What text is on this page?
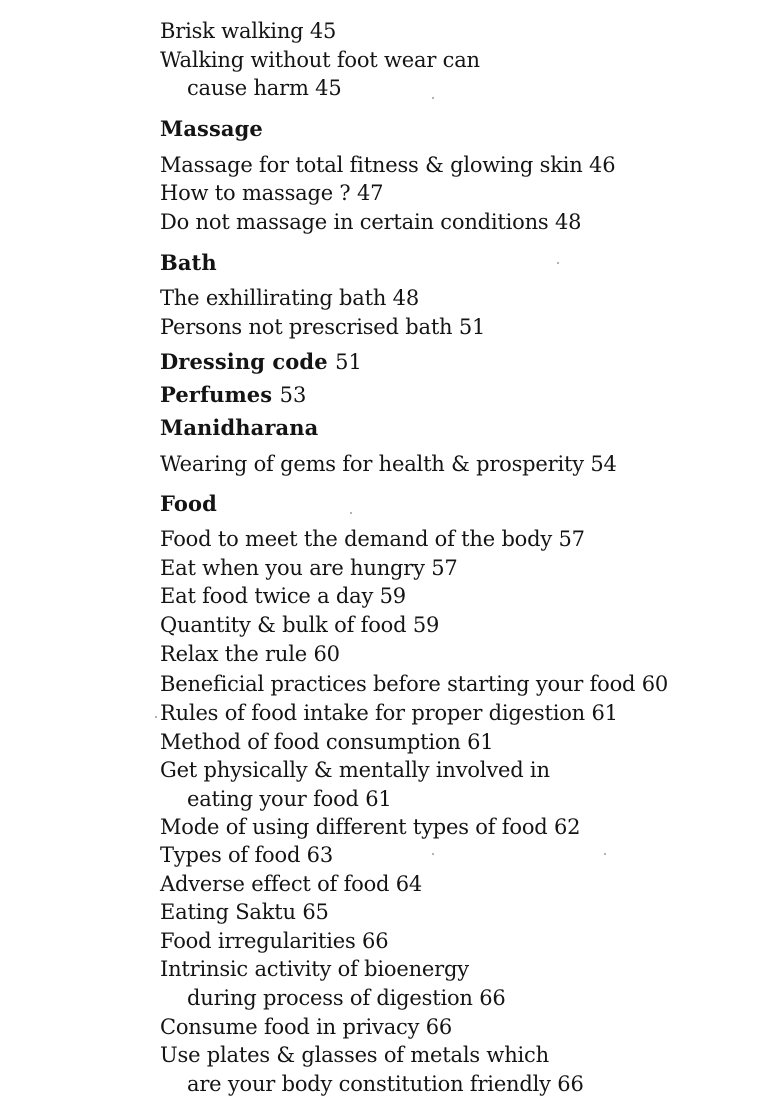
Brisk walking 45
Walking without foot wear can
cause harm 45
Massage
Massage for total fitness & glowing skin 46
How to massage ? 47
Do not massage in certain conditions 48
Bath
The exhillirating bath 48
Persons not prescrised bath 51
Dressing code 51
Perfumes 53
Manidharana
Wearing of gems for health & prosperity 54
Food
Food to meet the demand of the body 57
Eat when you are hungry 57
Eat food twice a day 59
Quantity & bulk of food 59
Relax the rule 60
Beneficial practices before starting your food 60
Rules of food intake for proper digestion 61
Method of food consumption 61
Get physically & mentally involved in
eating your food 61
Mode of using different types of food 62
Types of food 63
Adverse effect of food 64
Eating Saktu 65
Food irregularities 66
Intrinsic activity of bioenergy
during process of digestion 66
Consume food in privacy 66
Use plates & glasses of metals which
are your body constitution friendly 66
